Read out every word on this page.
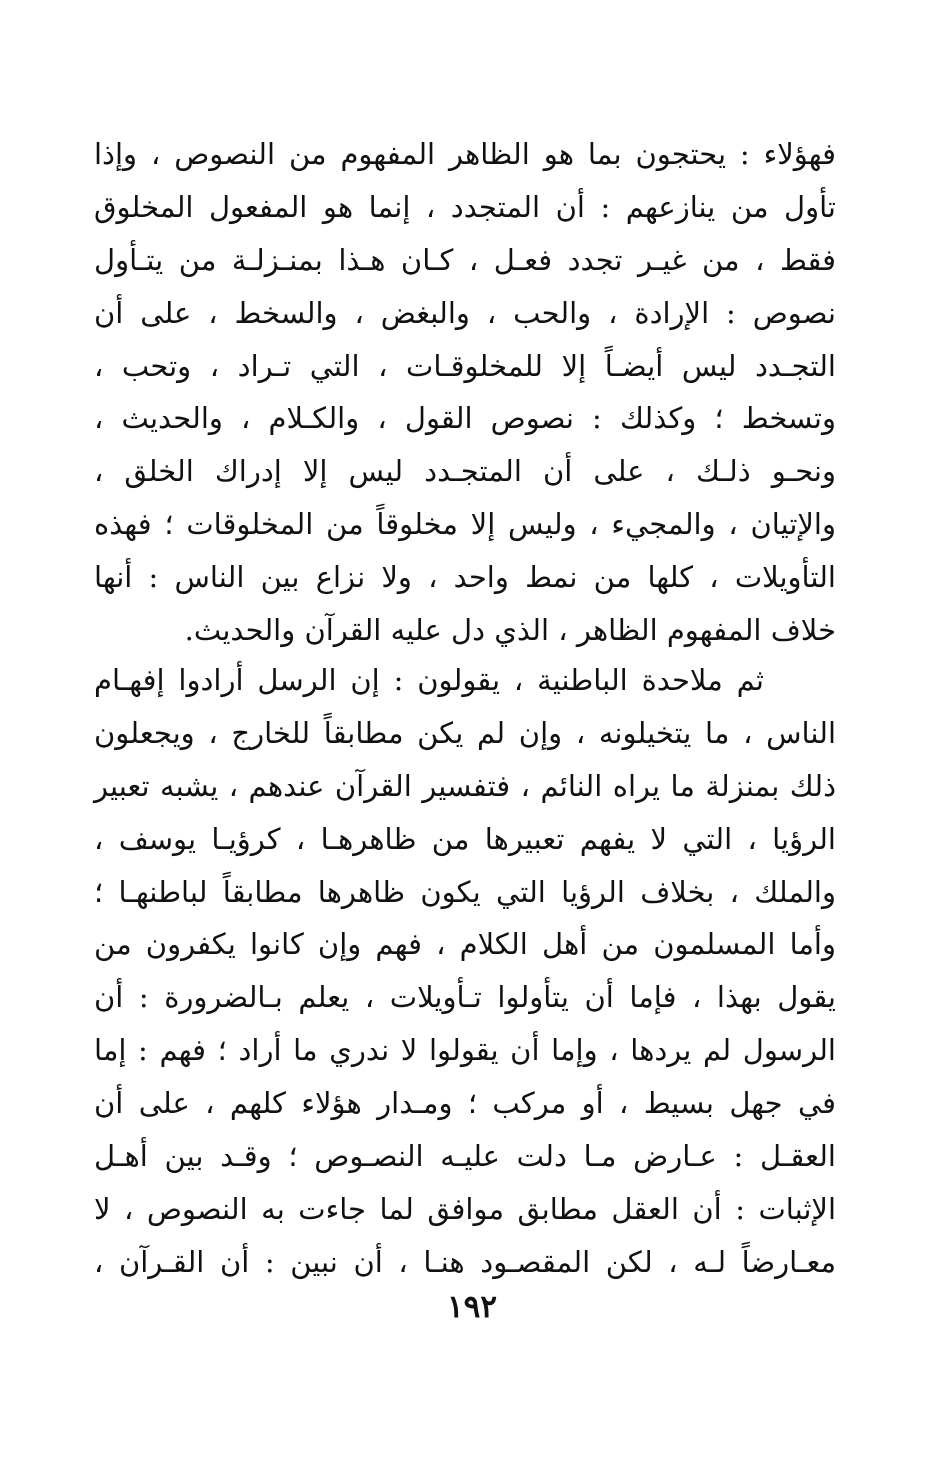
فهؤلاء : يحتجون بما هو الظاهر المفهوم من النصوص ، وإذا
تأول من ينازعهم : أن المتجدد ، إنما هو المفعول المخلوق
فقط ، من غيـر تجدد فعـل ، كـان هـذا بمنـزلـة من يتـأول
نصوص : الإرادة ، والحب ، والبغض ، والسخط ، على أن
التجـدد ليس أيضـاً إلا للمخلوقـات ، التي تـراد ، وتحب ،
وتسخط ؛ وكذلك : نصوص القول ، والكـلام ، والحديث ،
ونحـو ذلـك ، على أن المتجـدد ليس إلا إدراك الخلق ،
والإتيان ، والمجيء ، وليس إلا مخلوقاً من المخلوقات ؛ فهذه
التأويلات ، كلها من نمط واحد ، ولا نزاع بين الناس : أنها
خلاف المفهوم الظاهر ، الذي دل عليه القرآن والحديث.
ثم ملاحدة الباطنية ، يقولون : إن الرسل أرادوا إفهـام
الناس ، ما يتخيلونه ، وإن لم يكن مطابقاً للخارج ، ويجعلون
ذلك بمنزلة ما يراه النائم ، فتفسير القرآن عندهم ، يشبه تعبير
الرؤيا ، التي لا يفهم تعبيرها من ظاهرهـا ، كرؤيـا يوسف ،
والملك ، بخلاف الرؤيا التي يكون ظاهرها مطابقاً لباطنهـا ؛
وأما المسلمون من أهل الكلام ، فهم وإن كانوا يكفرون من
يقول بهذا ، فإما أن يتأولوا تـأويلات ، يعلم بـالضرورة : أن
الرسول لم يردها ، وإما أن يقولوا لا ندري ما أراد ؛ فهم : إما
في جهل بسيط ، أو مركب ؛ ومـدار هؤلاء كلهم ، على أن
العقـل : عـارض مـا دلت عليـه النصـوص ؛ وقـد بين أهـل
الإثبات : أن العقل مطابق موافق لما جاءت به النصوص ، لا
معـارضاً لـه ، لكن المقصـود هنـا ، أن نبين : أن القـرآن ،
١٩٢
